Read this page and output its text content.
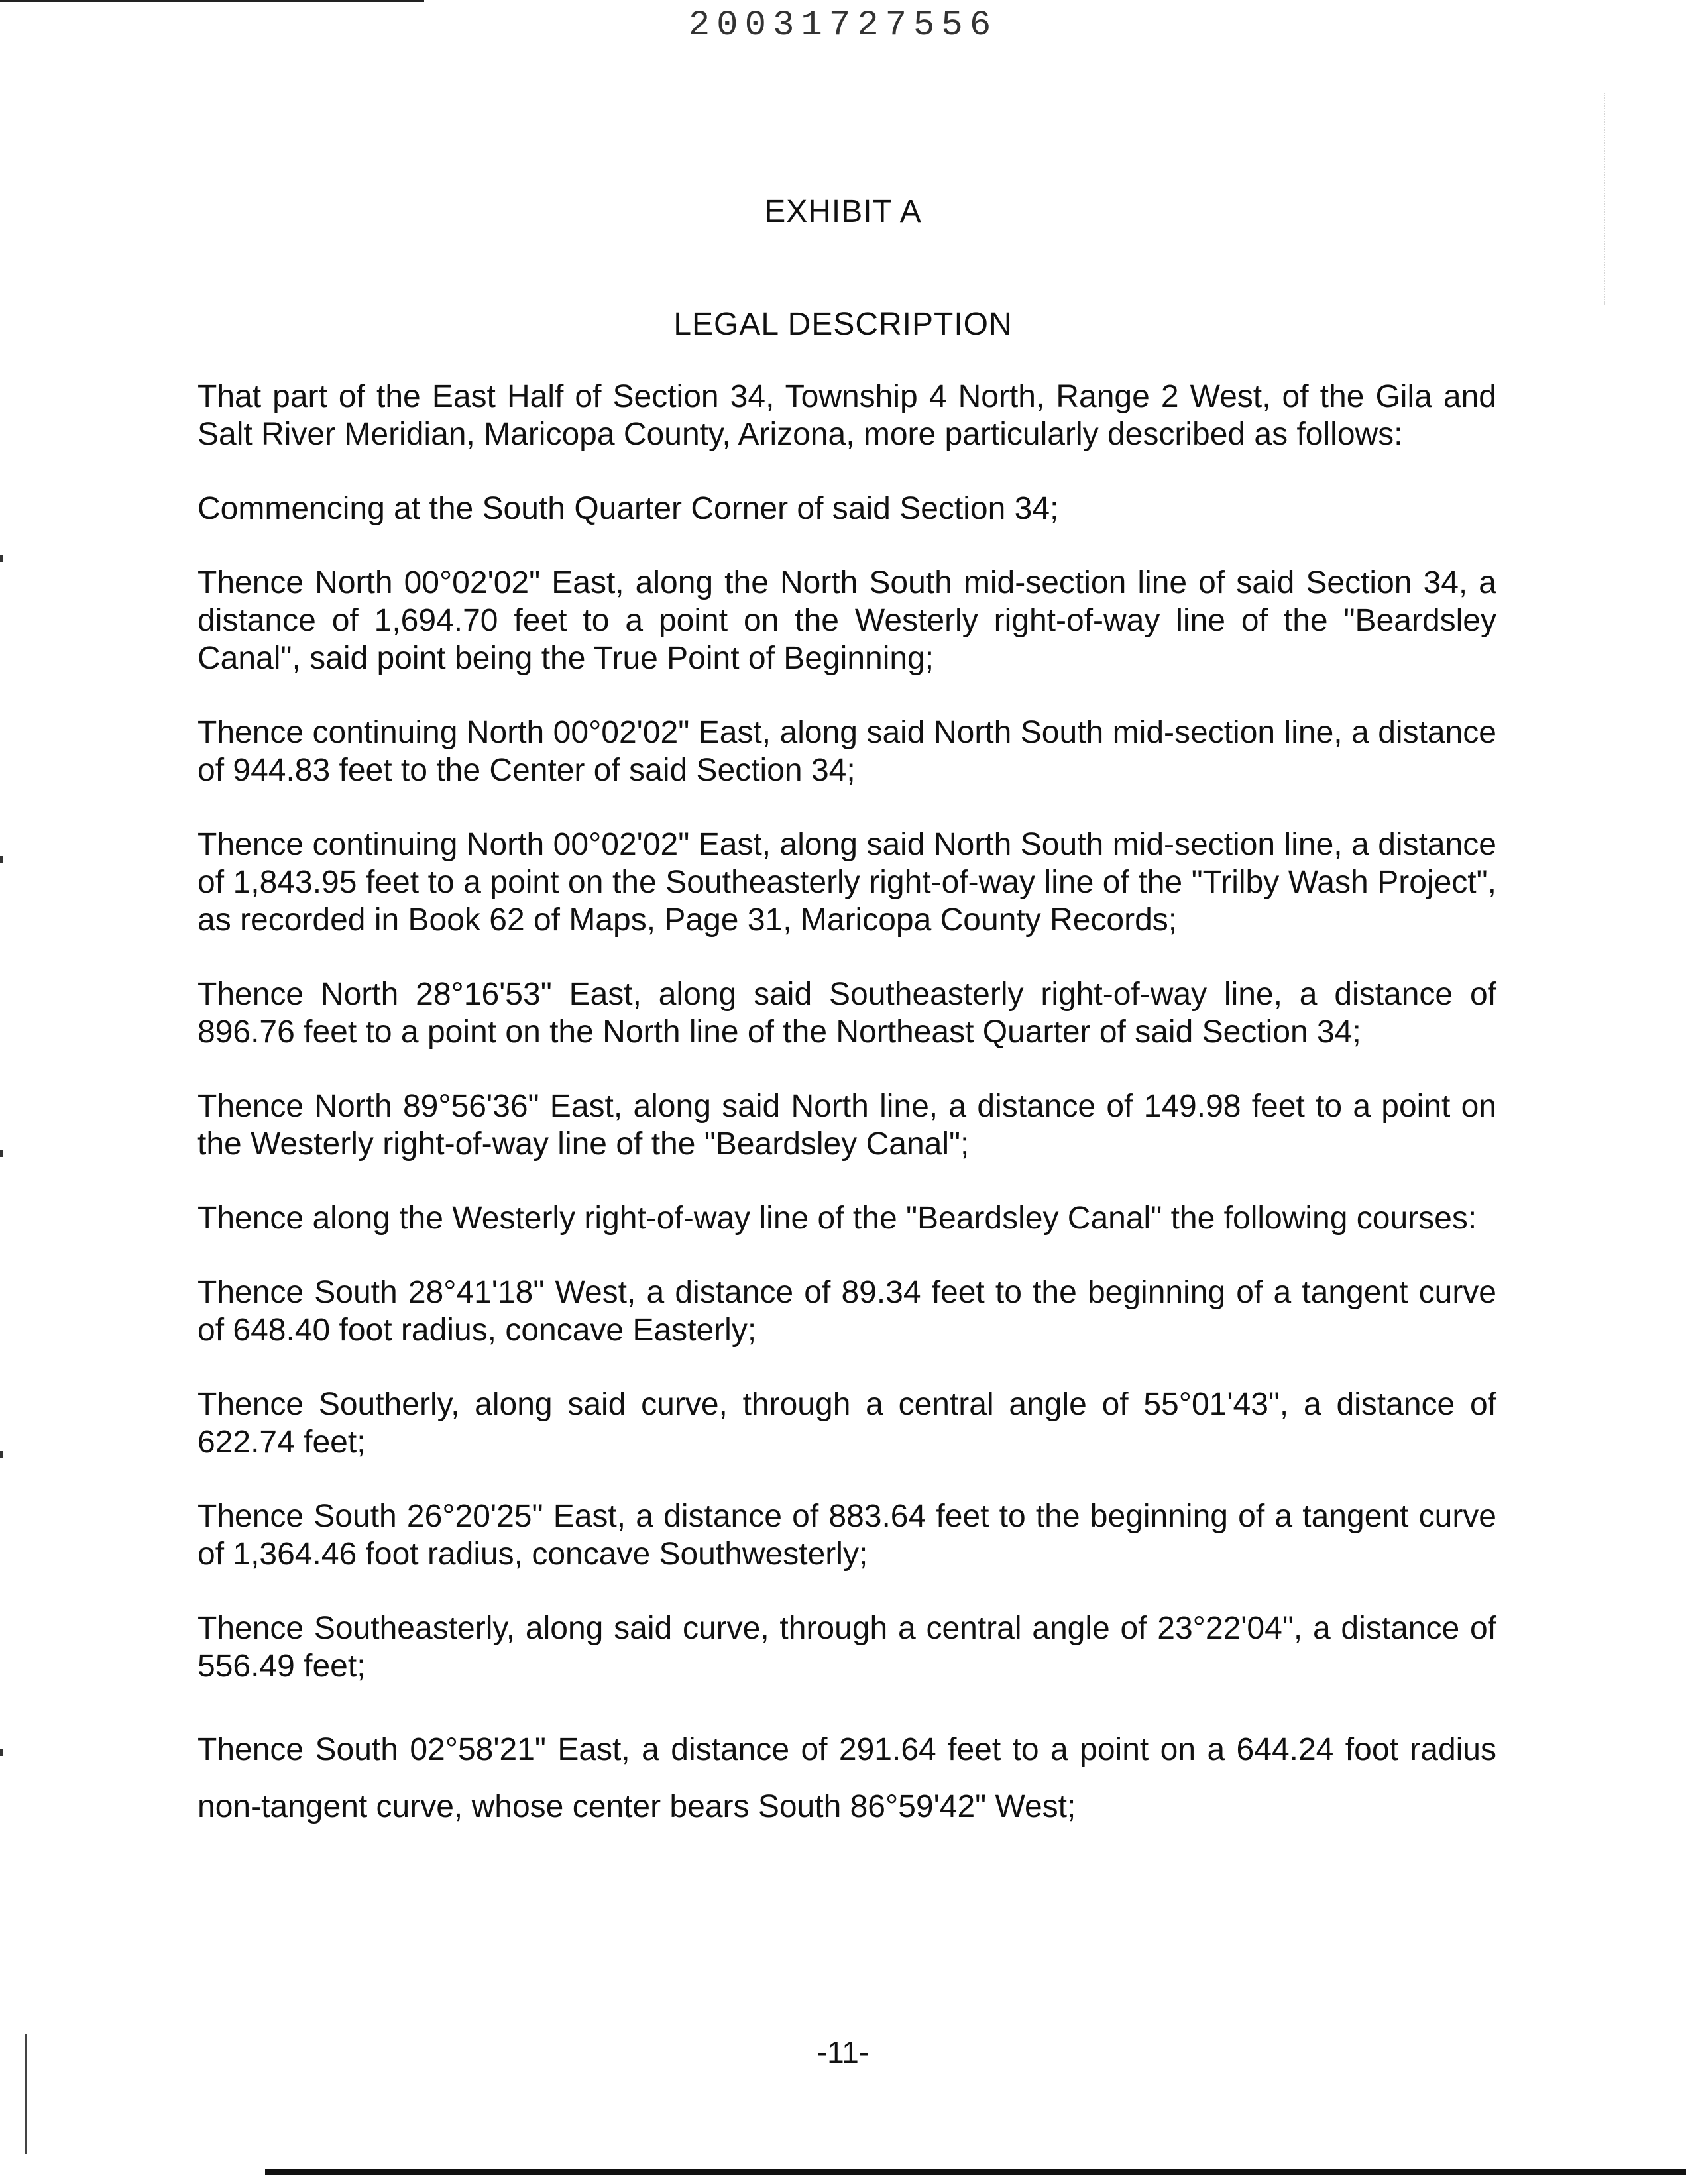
20031727556
EXHIBIT A
LEGAL DESCRIPTION

That part of the East Half of Section 34, Township 4 North, Range 2 West, of the Gila and Salt River Meridian, Maricopa County, Arizona, more particularly described as follows:

Commencing at the South Quarter Corner of said Section 34;

Thence North 00°02'02" East, along the North South mid-section line of said Section 34, a distance of 1,694.70 feet to a point on the Westerly right-of-way line of the "Beardsley Canal", said point being the True Point of Beginning;

Thence continuing North 00°02'02" East, along said North South mid-section line, a distance of 944.83 feet to the Center of said Section 34;

Thence continuing North 00°02'02" East, along said North South mid-section line, a distance of 1,843.95 feet to a point on the Southeasterly right-of-way line of the "Trilby Wash Project", as recorded in Book 62 of Maps, Page 31, Maricopa County Records;

Thence North 28°16'53" East, along said Southeasterly right-of-way line, a distance of 896.76 feet to a point on the North line of the Northeast Quarter of said Section 34;

Thence North 89°56'36" East, along said North line, a distance of 149.98 feet to a point on the Westerly right-of-way line of the "Beardsley Canal";

Thence along the Westerly right-of-way line of the "Beardsley Canal" the following courses:

Thence South 28°41'18" West, a distance of 89.34 feet to the beginning of a tangent curve of 648.40 foot radius, concave Easterly;

Thence Southerly, along said curve, through a central angle of 55°01'43", a distance of 622.74 feet;

Thence South 26°20'25" East, a distance of 883.64 feet to the beginning of a tangent curve of 1,364.46 foot radius, concave Southwesterly;

Thence Southeasterly, along said curve, through a central angle of 23°22'04", a distance of 556.49 feet;

Thence South 02°58'21" East, a distance of 291.64 feet to a point on a 644.24 foot radius non-tangent curve, whose center bears South 86°59'42" West;

-11-
